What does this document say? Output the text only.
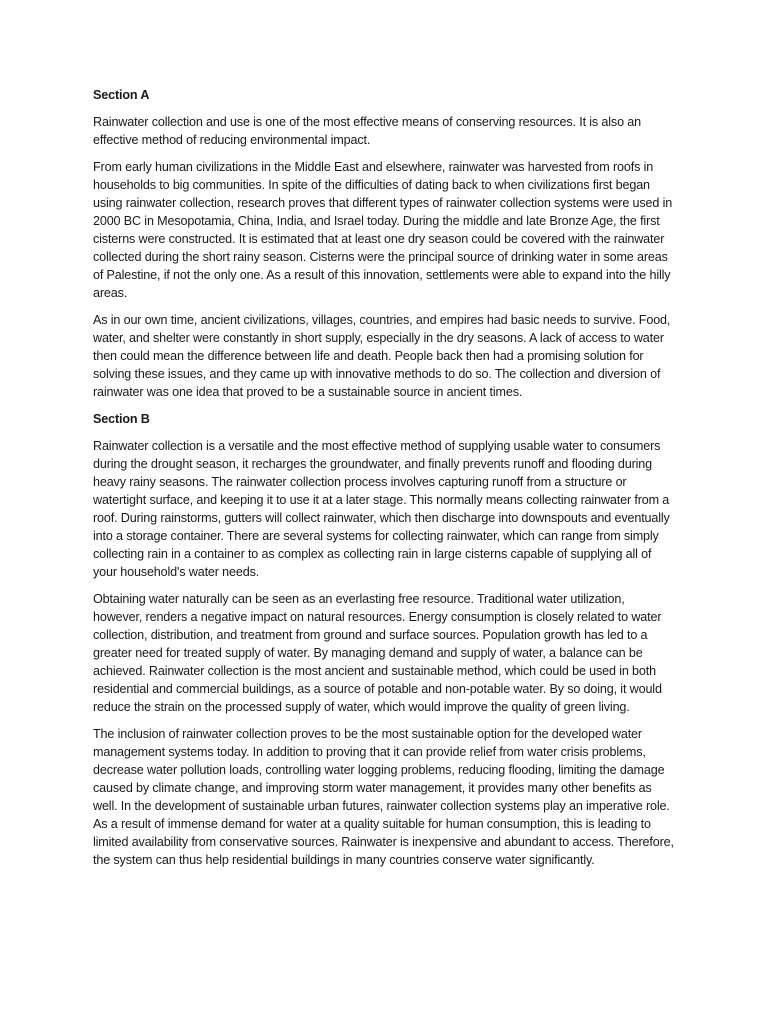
Section A

Rainwater collection and use is one of the most effective means of conserving resources. It is also an effective method of reducing environmental impact.

From early human civilizations in the Middle East and elsewhere, rainwater was harvested from roofs in households to big communities. In spite of the difficulties of dating back to when civilizations first began using rainwater collection, research proves that different types of rainwater collection systems were used in 2000 BC in Mesopotamia, China, India, and Israel today. During the middle and late Bronze Age, the first cisterns were constructed. It is estimated that at least one dry season could be covered with the rainwater collected during the short rainy season. Cisterns were the principal source of drinking water in some areas of Palestine, if not the only one. As a result of this innovation, settlements were able to expand into the hilly areas.

As in our own time, ancient civilizations, villages, countries, and empires had basic needs to survive. Food, water, and shelter were constantly in short supply, especially in the dry seasons. A lack of access to water then could mean the difference between life and death. People back then had a promising solution for solving these issues, and they came up with innovative methods to do so. The collection and diversion of rainwater was one idea that proved to be a sustainable source in ancient times.

Section B

Rainwater collection is a versatile and the most effective method of supplying usable water to consumers during the drought season, it recharges the groundwater, and finally prevents runoff and flooding during heavy rainy seasons. The rainwater collection process involves capturing runoff from a structure or watertight surface, and keeping it to use it at a later stage. This normally means collecting rainwater from a roof. During rainstorms, gutters will collect rainwater, which then discharge into downspouts and eventually into a storage container. There are several systems for collecting rainwater, which can range from simply collecting rain in a container to as complex as collecting rain in large cisterns capable of supplying all of your household's water needs.

Obtaining water naturally can be seen as an everlasting free resource. Traditional water utilization, however, renders a negative impact on natural resources. Energy consumption is closely related to water collection, distribution, and treatment from ground and surface sources. Population growth has led to a greater need for treated supply of water. By managing demand and supply of water, a balance can be achieved. Rainwater collection is the most ancient and sustainable method, which could be used in both residential and commercial buildings, as a source of potable and non-potable water. By so doing, it would reduce the strain on the processed supply of water, which would improve the quality of green living.

The inclusion of rainwater collection proves to be the most sustainable option for the developed water management systems today. In addition to proving that it can provide relief from water crisis problems, decrease water pollution loads, controlling water logging problems, reducing flooding, limiting the damage caused by climate change, and improving storm water management, it provides many other benefits as well. In the development of sustainable urban futures, rainwater collection systems play an imperative role. As a result of immense demand for water at a quality suitable for human consumption, this is leading to limited availability from conservative sources. Rainwater is inexpensive and abundant to access. Therefore, the system can thus help residential buildings in many countries conserve water significantly.
